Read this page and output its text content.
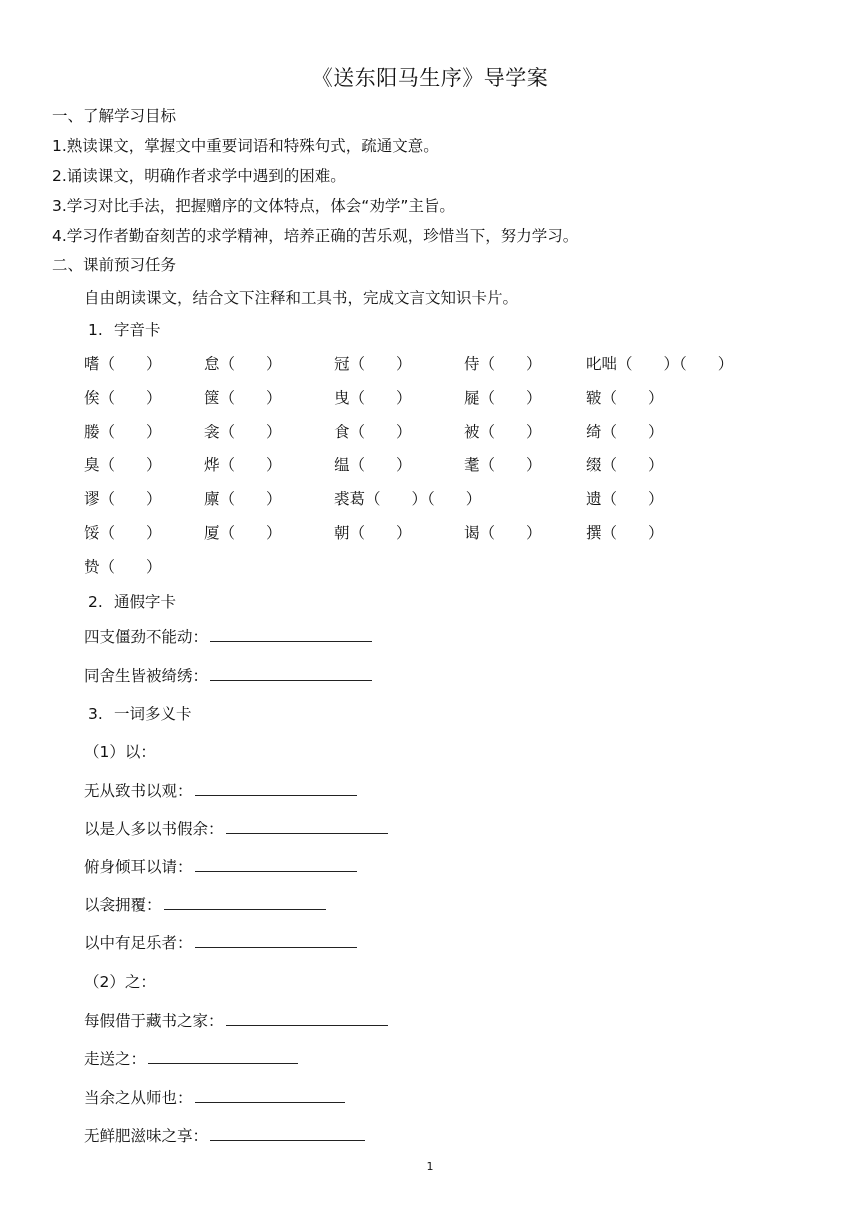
《送东阳马生序》导学案
一、了解学习目标
1.熟读课文，掌握文中重要词语和特殊句式，疏通文意。
2.诵读课文，明确作者求学中遇到的困难。
3.学习对比手法，把握赠序的文体特点，体会“劝学”主旨。
4.学习作者勤奋刻苦的求学精神，培养正确的苦乐观，珍惜当下，努力学习。
二、课前预习任务
自由朗读课文，结合文下注释和工具书，完成文言文知识卡片。
1. 字音卡
嗜（　　）	怠（　　）	冠（　　）	侍（　　）	叱咄（　　）（　　）
俟（　　）	箧（　　）	曳（　　）	屣（　　）	皲（　　）
媵（　　）	衾（　　）	食（　　）	被（　　）	绮（　　）
臭（　　）	烨（　　）	缊（　　）	耄（　　）	缀（　　）
谬（　　）	廪（　　）	裘葛（　　）（　　）	遗（　　）
馁（　　）	厦（　　）	朝（　　）	谒（　　）	撰（　　）
贽（　　）
2. 通假字卡
四支僵劲不能动：
同舍生皆被绮绣：
3. 一词多义卡
（1）以：
无从致书以观：
以是人多以书假余：
俯身倾耳以请：
以衾拥覆：
以中有足乐者：
（2）之：
每假借于藏书之家：
走送之：
当余之从师也：
无鲜肥滋味之享：
1
